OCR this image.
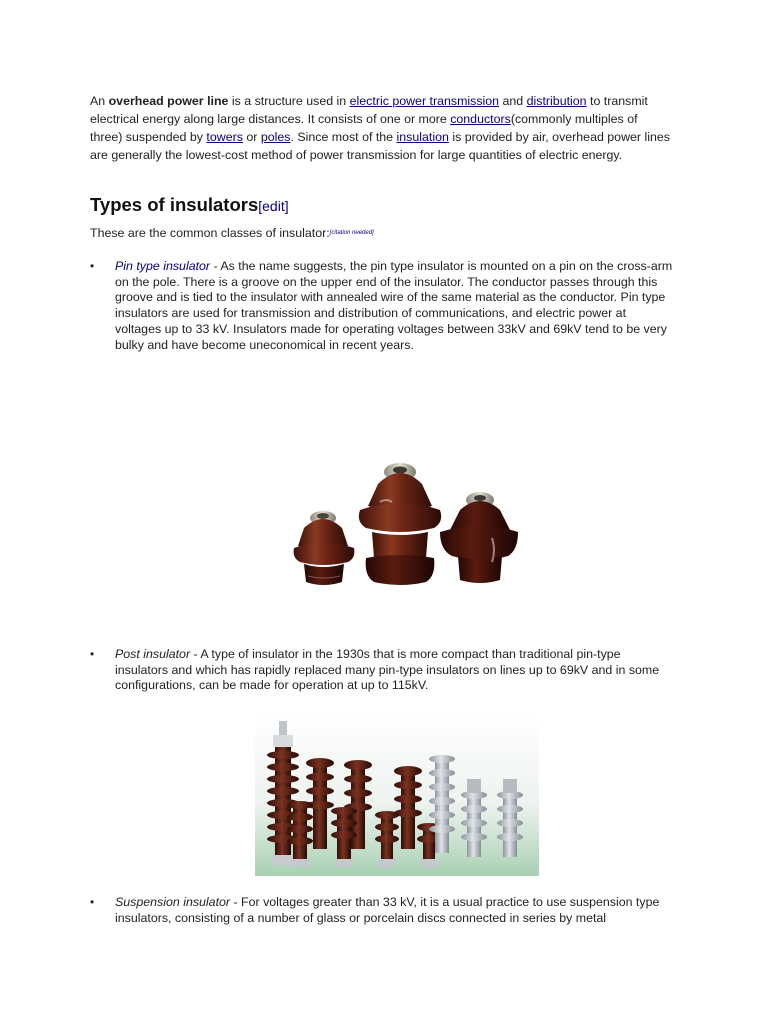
An overhead power line is a structure used in electric power transmission and distribution to transmit electrical energy along large distances. It consists of one or more conductors(commonly multiples of three) suspended by towers or poles. Since most of the insulation is provided by air, overhead power lines are generally the lowest-cost method of power transmission for large quantities of electric energy.
Types of insulators[edit]
These are the common classes of insulator:[citation needed]
•	Pin type insulator - As the name suggests, the pin type insulator is mounted on a pin on the cross-arm on the pole. There is a groove on the upper end of the insulator. The conductor passes through this groove and is tied to the insulator with annealed wire of the same material as the conductor. Pin type insulators are used for transmission and distribution of communications, and electric power at voltages up to 33 kV. Insulators made for operating voltages between 33kV and 69kV tend to be very bulky and have become uneconomical in recent years.
•	Post insulator - A type of insulator in the 1930s that is more compact than traditional pin-type insulators and which has rapidly replaced many pin-type insulators on lines up to 69kV and in some configurations, can be made for operation at up to 115kV.
•	Suspension insulator - For voltages greater than 33 kV, it is a usual practice to use suspension type insulators, consisting of a number of glass or porcelain discs connected in series by metal
